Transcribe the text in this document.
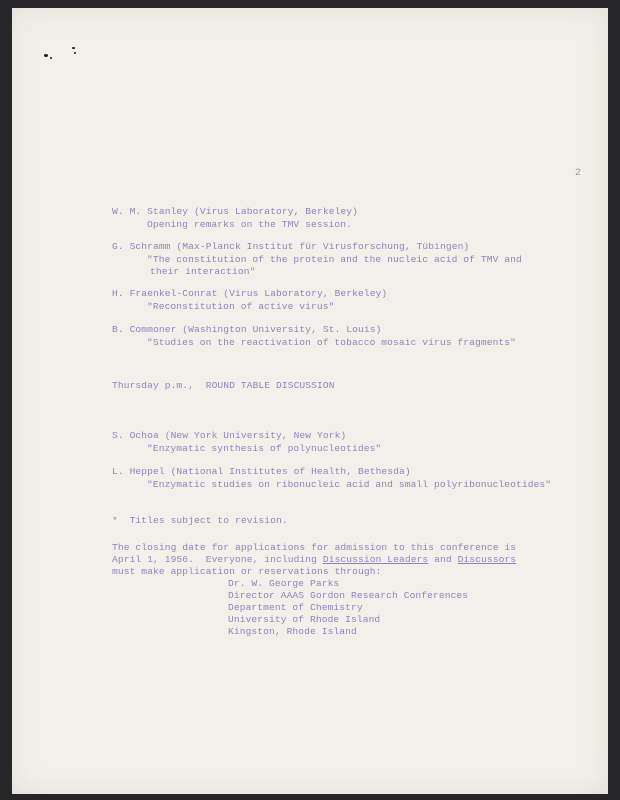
2
W. M. Stanley (Virus Laboratory, Berkeley)
Opening remarks on the TMV session.
G. Schramm (Max-Planck Institut für Virusforschung, Tübingen)
"The constitution of the protein and the nucleic acid of TMV and
their interaction"
H. Fraenkel-Conrat (Virus Laboratory, Berkeley)
"Reconstitution of active virus"
B. Commoner (Washington University, St. Louis)
"Studies on the reactivation of tobacco mosaic virus fragments"
Thursday p.m.,  ROUND TABLE DISCUSSION
S. Ochoa (New York University, New York)
"Enzymatic synthesis of polynucleotides"
L. Heppel (National Institutes of Health, Bethesda)
"Enzymatic studies on ribonucleic acid and small polyribonucleotides"
*  Titles subject to revision.
The closing date for applications for admission to this conference is
April 1, 1956.  Everyone, including Discussion Leaders and Discussors
must make application or reservations through:
Dr. W. George Parks
Director AAAS Gordon Research Conferences
Department of Chemistry
University of Rhode Island
Kingston, Rhode Island
